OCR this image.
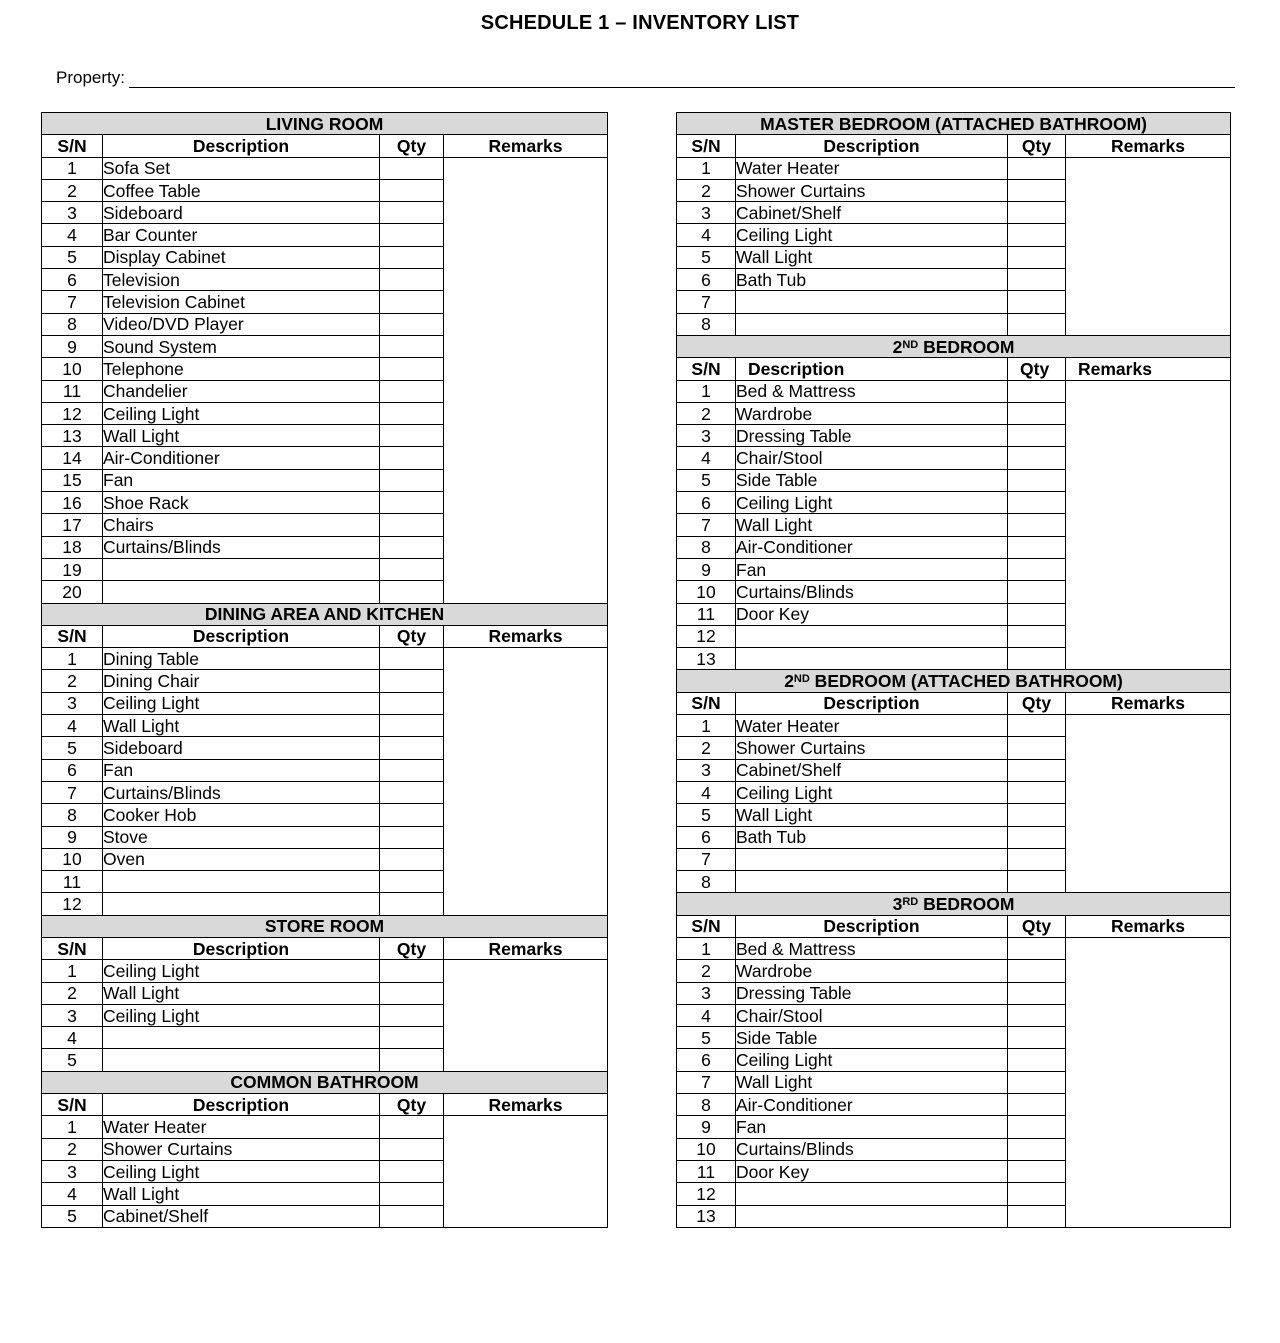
SCHEDULE 1 – INVENTORY LIST
Property:
LIVING ROOM			
S/N	Description	Qty	Remarks
1	Sofa Set		
2	Coffee Table		
3	Sideboard		
4	Bar Counter		
5	Display Cabinet		
6	Television		
7	Television Cabinet		
8	Video/DVD Player		
9	Sound System		
10	Telephone		
11	Chandelier		
12	Ceiling Light		
13	Wall Light		
14	Air-Conditioner		
15	Fan		
16	Shoe Rack		
17	Chairs		
18	Curtains/Blinds		
19			
20			
DINING AREA AND KITCHEN			
S/N	Description	Qty	Remarks
1	Dining Table		
2	Dining Chair		
3	Ceiling Light		
4	Wall Light		
5	Sideboard		
6	Fan		
7	Curtains/Blinds		
8	Cooker Hob		
9	Stove		
10	Oven		
11			
12			
STORE ROOM			
S/N	Description	Qty	Remarks
1	Ceiling Light		
2	Wall Light		
3	Ceiling Light		
4			
5			
COMMON BATHROOM			
S/N	Description	Qty	Remarks
1	Water Heater		
2	Shower Curtains		
3	Ceiling Light		
4	Wall Light		
5	Cabinet/Shelf		
MASTER BEDROOM (ATTACHED BATHROOM)			
S/N	Description	Qty	Remarks
1	Water Heater		
2	Shower Curtains		
3	Cabinet/Shelf		
4	Ceiling Light		
5	Wall Light		
6	Bath Tub		
7			
8			
2ND BEDROOM			
S/N	Description	Qty	Remarks
1	Bed & Mattress		
2	Wardrobe		
3	Dressing Table		
4	Chair/Stool		
5	Side Table		
6	Ceiling Light		
7	Wall Light		
8	Air-Conditioner		
9	Fan		
10	Curtains/Blinds		
11	Door Key		
12			
13			
2ND BEDROOM (ATTACHED BATHROOM)			
S/N	Description	Qty	Remarks
1	Water Heater		
2	Shower Curtains		
3	Cabinet/Shelf		
4	Ceiling Light		
5	Wall Light		
6	Bath Tub		
7			
8			
3RD BEDROOM			
S/N	Description	Qty	Remarks
1	Bed & Mattress		
2	Wardrobe		
3	Dressing Table		
4	Chair/Stool		
5	Side Table		
6	Ceiling Light		
7	Wall Light		
8	Air-Conditioner		
9	Fan		
10	Curtains/Blinds		
11	Door Key		
12			
13			
